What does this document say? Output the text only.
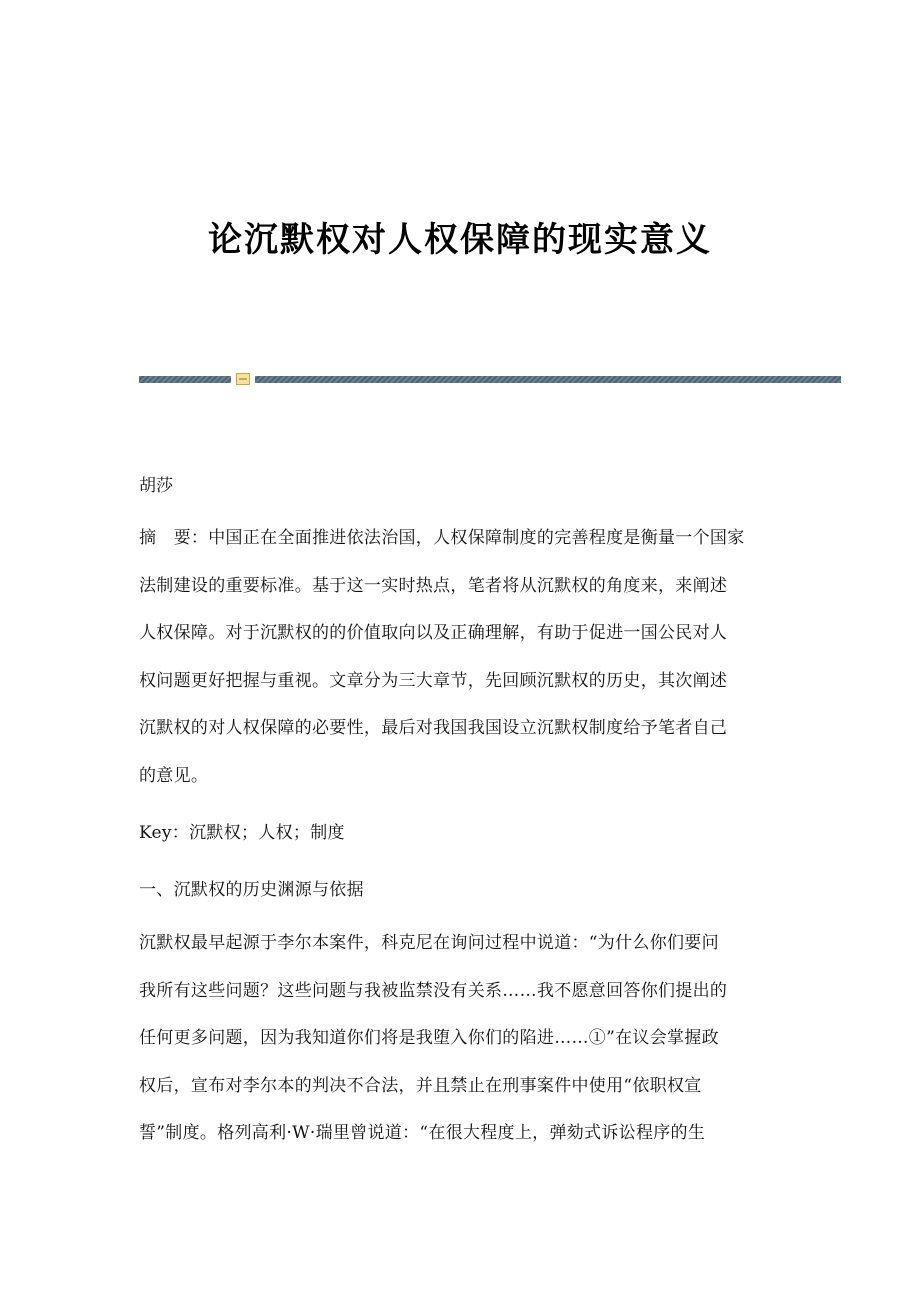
论沉默权对人权保障的现实意义

胡莎

摘　要：中国正在全面推进依法治国，人权保障制度的完善程度是衡量一个国家
法制建设的重要标准。基于这一实时热点，笔者将从沉默权的角度来，来阐述
人权保障。对于沉默权的的价值取向以及正确理解，有助于促进一国公民对人
权问题更好把握与重视。文章分为三大章节，先回顾沉默权的历史，其次阐述
沉默权的对人权保障的必要性，最后对我国我国设立沉默权制度给予笔者自己
的意见。

Key：沉默权；人权；制度

一、沉默权的历史渊源与依据

沉默权最早起源于李尔本案件，科克尼在询问过程中说道：“为什么你们要问
我所有这些问题？这些问题与我被监禁没有关系……我不愿意回答你们提出的
任何更多问题，因为我知道你们将是我堕入你们的陷进……①”在议会掌握政
权后，宣布对李尔本的判决不合法，并且禁止在刑事案件中使用“依职权宣
誓”制度。格列高利·W·瑞里曾说道：“在很大程度上，弹劾式诉讼程序的生
